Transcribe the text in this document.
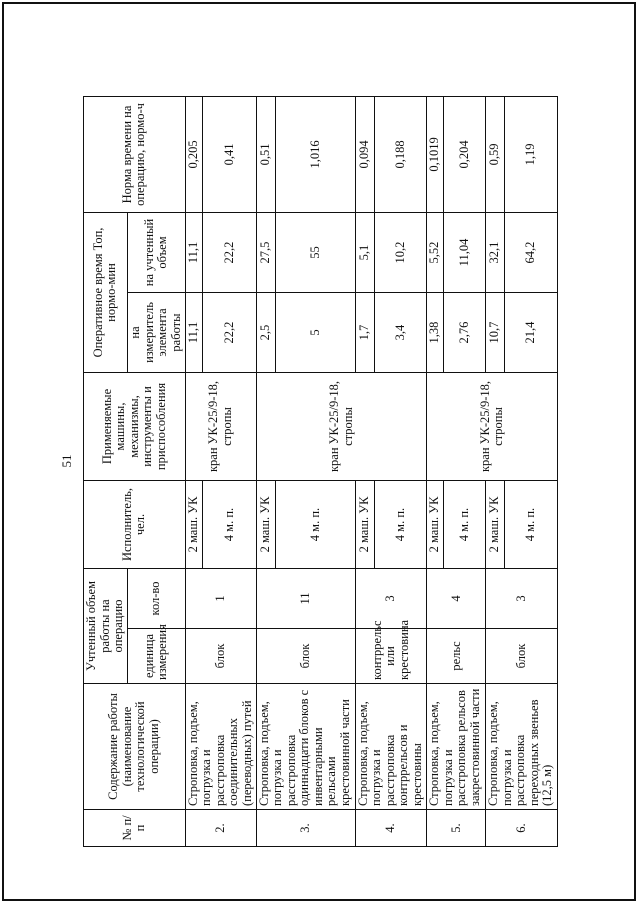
51
№ п/п	Содержание работы (наименование технологической операции)	Учтенный объем работы на операцию		Исполнитель, чел.	Применяемые машины, механизмы, инструменты и приспособления	Оперативное время Топ, нормо-мин		Норма времени на операцию, нормо-ч
		единица измерения	кол-во			на измеритель элемента работы	на учтенный объем	
2.	Строповка, подъем, погрузка и расстроповка соединительных (переводных) путей	блок	1	2 маш. УК	кран УК-25/9-18, стропы	11,1	11,1	0,205
				4 м. п.		22,2	22,2	0,41
3.	Строповка, подъем, погрузка и расстроповка одиннадцати блоков с инвентарными рельсами крестовинной части	блок	11	2 маш. УК	кран УК-25/9-18, стропы	2,5	27,5	0,51
				4 м. п.		5	55	1,016
4.	Строповка, подъем, погрузка и расстроповка контррельсов и крестовины	контррельс или крестовина	3	2 маш. УК		1,7	5,1	0,094
				4 м. п.		3,4	10,2	0,188
5.	Строповка, подъем, погрузка и расстроповка рельсов закрестовинной части	рельс	4	2 маш. УК	кран УК-25/9-18, стропы	1,38	5,52	0,1019
				4 м. п.		2,76	11,04	0,204
6.	Строповка, подъем, погрузка и расстроповка переходных звеньев (12,5 м)	блок	3	2 маш. УК		10,7	32,1	0,59
				4 м. п.		21,4	64,2	1,19
